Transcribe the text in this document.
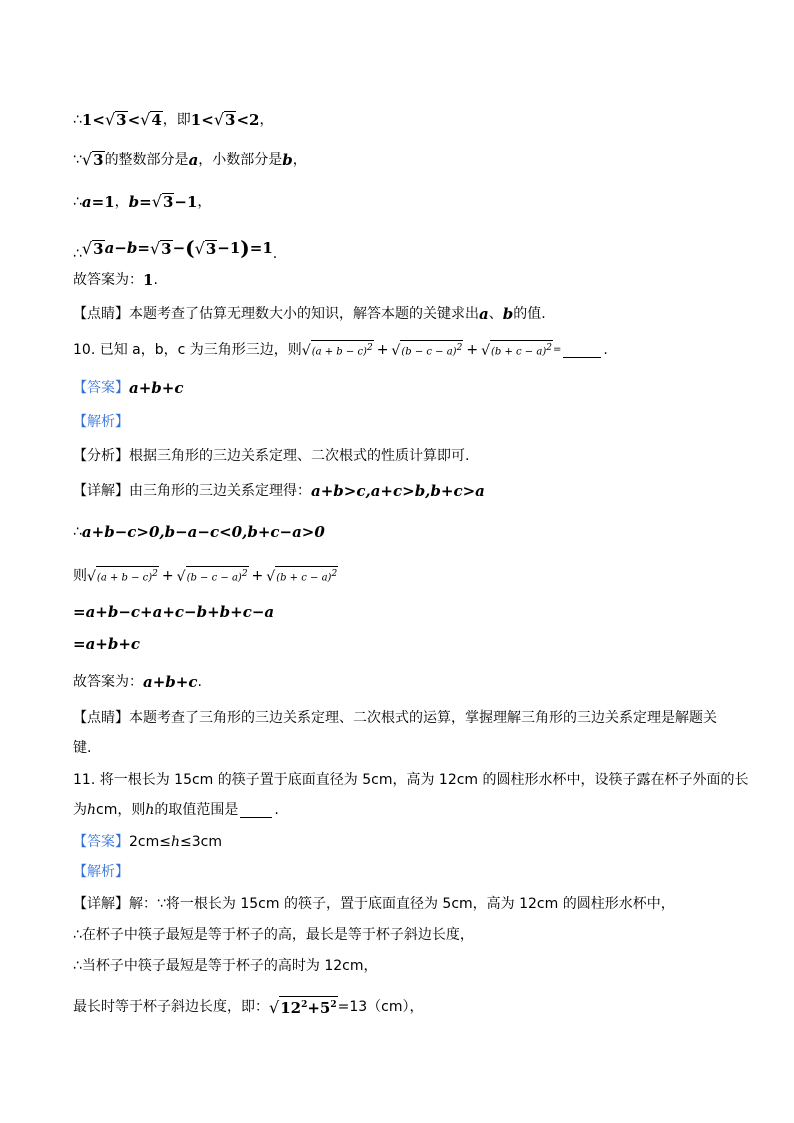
∴ 1< √ 3 < √ 4 ，即 1< √ 3 <2 ，
∵ √ 3 的整数部分是 a ，小数部分是 b ，
∴ a =1 ， b = √ 3 −1 ，
∴ √ 3 a − b = √ 3 − ( √ 3 −1 ) =1 .
故答案为： 1 .
【点睛】 本题考查了估算无理数大小的知识，解答本题的关键求出 a 、 b 的值.
10. 已知 a，b，c 为三角形三边，则 √ $(a + b - c)^2$ + √ $(b - c - a)^2$ + √ $(b + c - a)^2$ =	.
【答案】 a+b+c
【解析】
【分析】 根据三角形的三边关系定理、二次根式的性质计算即可.
【详解】 由三角形的三边关系定理得： a+b>c,a+c>b,b+c>a
∴ a+b−c>0,b−a−c<0,b+c−a>0
则 √ $(a + b - c)^2$ + √ $(b - c - a)^2$ + √ $(b + c - a)^2$
=a+b−c+a+c−b+b+c−a
=a+b+c
故答案为： a+b+c .
【点睛】 本题考查了三角形的三边关系定理、二次根式的运算，掌握理解三角形的三边关系定理是解题关
键.
11. 将一根长为 15cm 的筷子置于底面直径为 5cm，高为 12cm 的圆柱形水杯中，设筷子露在杯子外面的长
为 h cm，则 h 的取值范围是	.
【答案】 2cm≤ h ≤3cm
【解析】
【详解】 解：∵将一根长为 15cm 的筷子，置于底面直径为 5cm，高为 12cm 的圆柱形水杯中，
∴在杯子中筷子最短是等于杯子的高，最长是等于杯子斜边长度，
∴当杯子中筷子最短是等于杯子的高时为 12cm，
最长时等于杯子斜边长度，即： √ $12^2+5^2 =13(cm)$，
